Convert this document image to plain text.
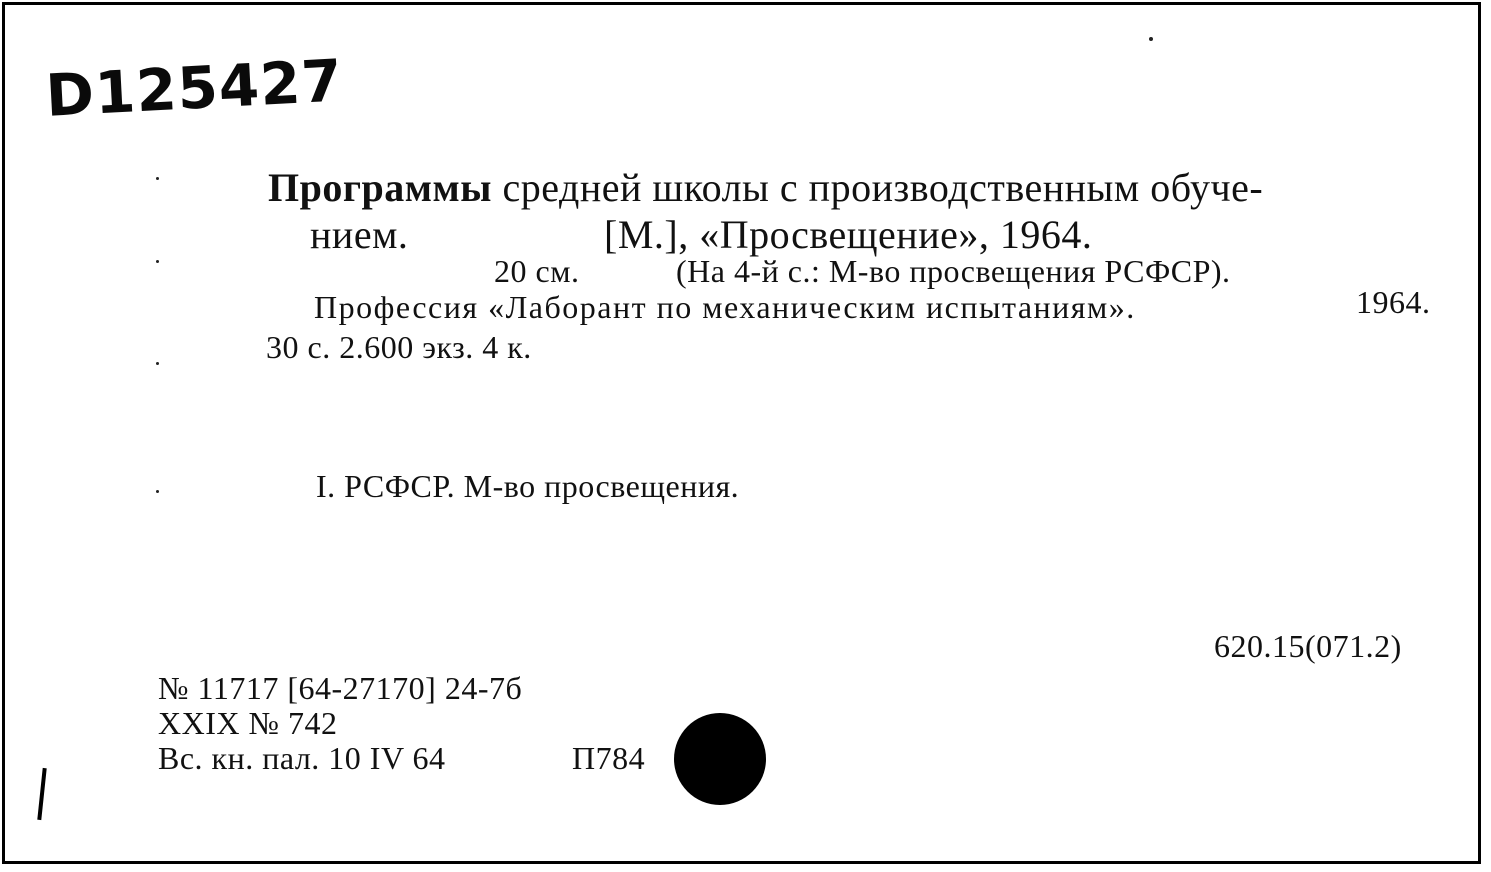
D125427
Программы средней школы с производственным обуче-
нием.	[М.], «Просвещение», 1964.
20 см.	(На 4-й с.: М-во просвещения РСФСР).
Профессия «Лаборант по механическим испытаниям».	1964.
30 с. 2.600 экз. 4 к.
I. РСФСР. М-во просвещения.
620.15(071.2)
№ 11717 [64-27170] 24-7б
XXIX № 742
Вс. кн. пал. 10 IV 64	П784
